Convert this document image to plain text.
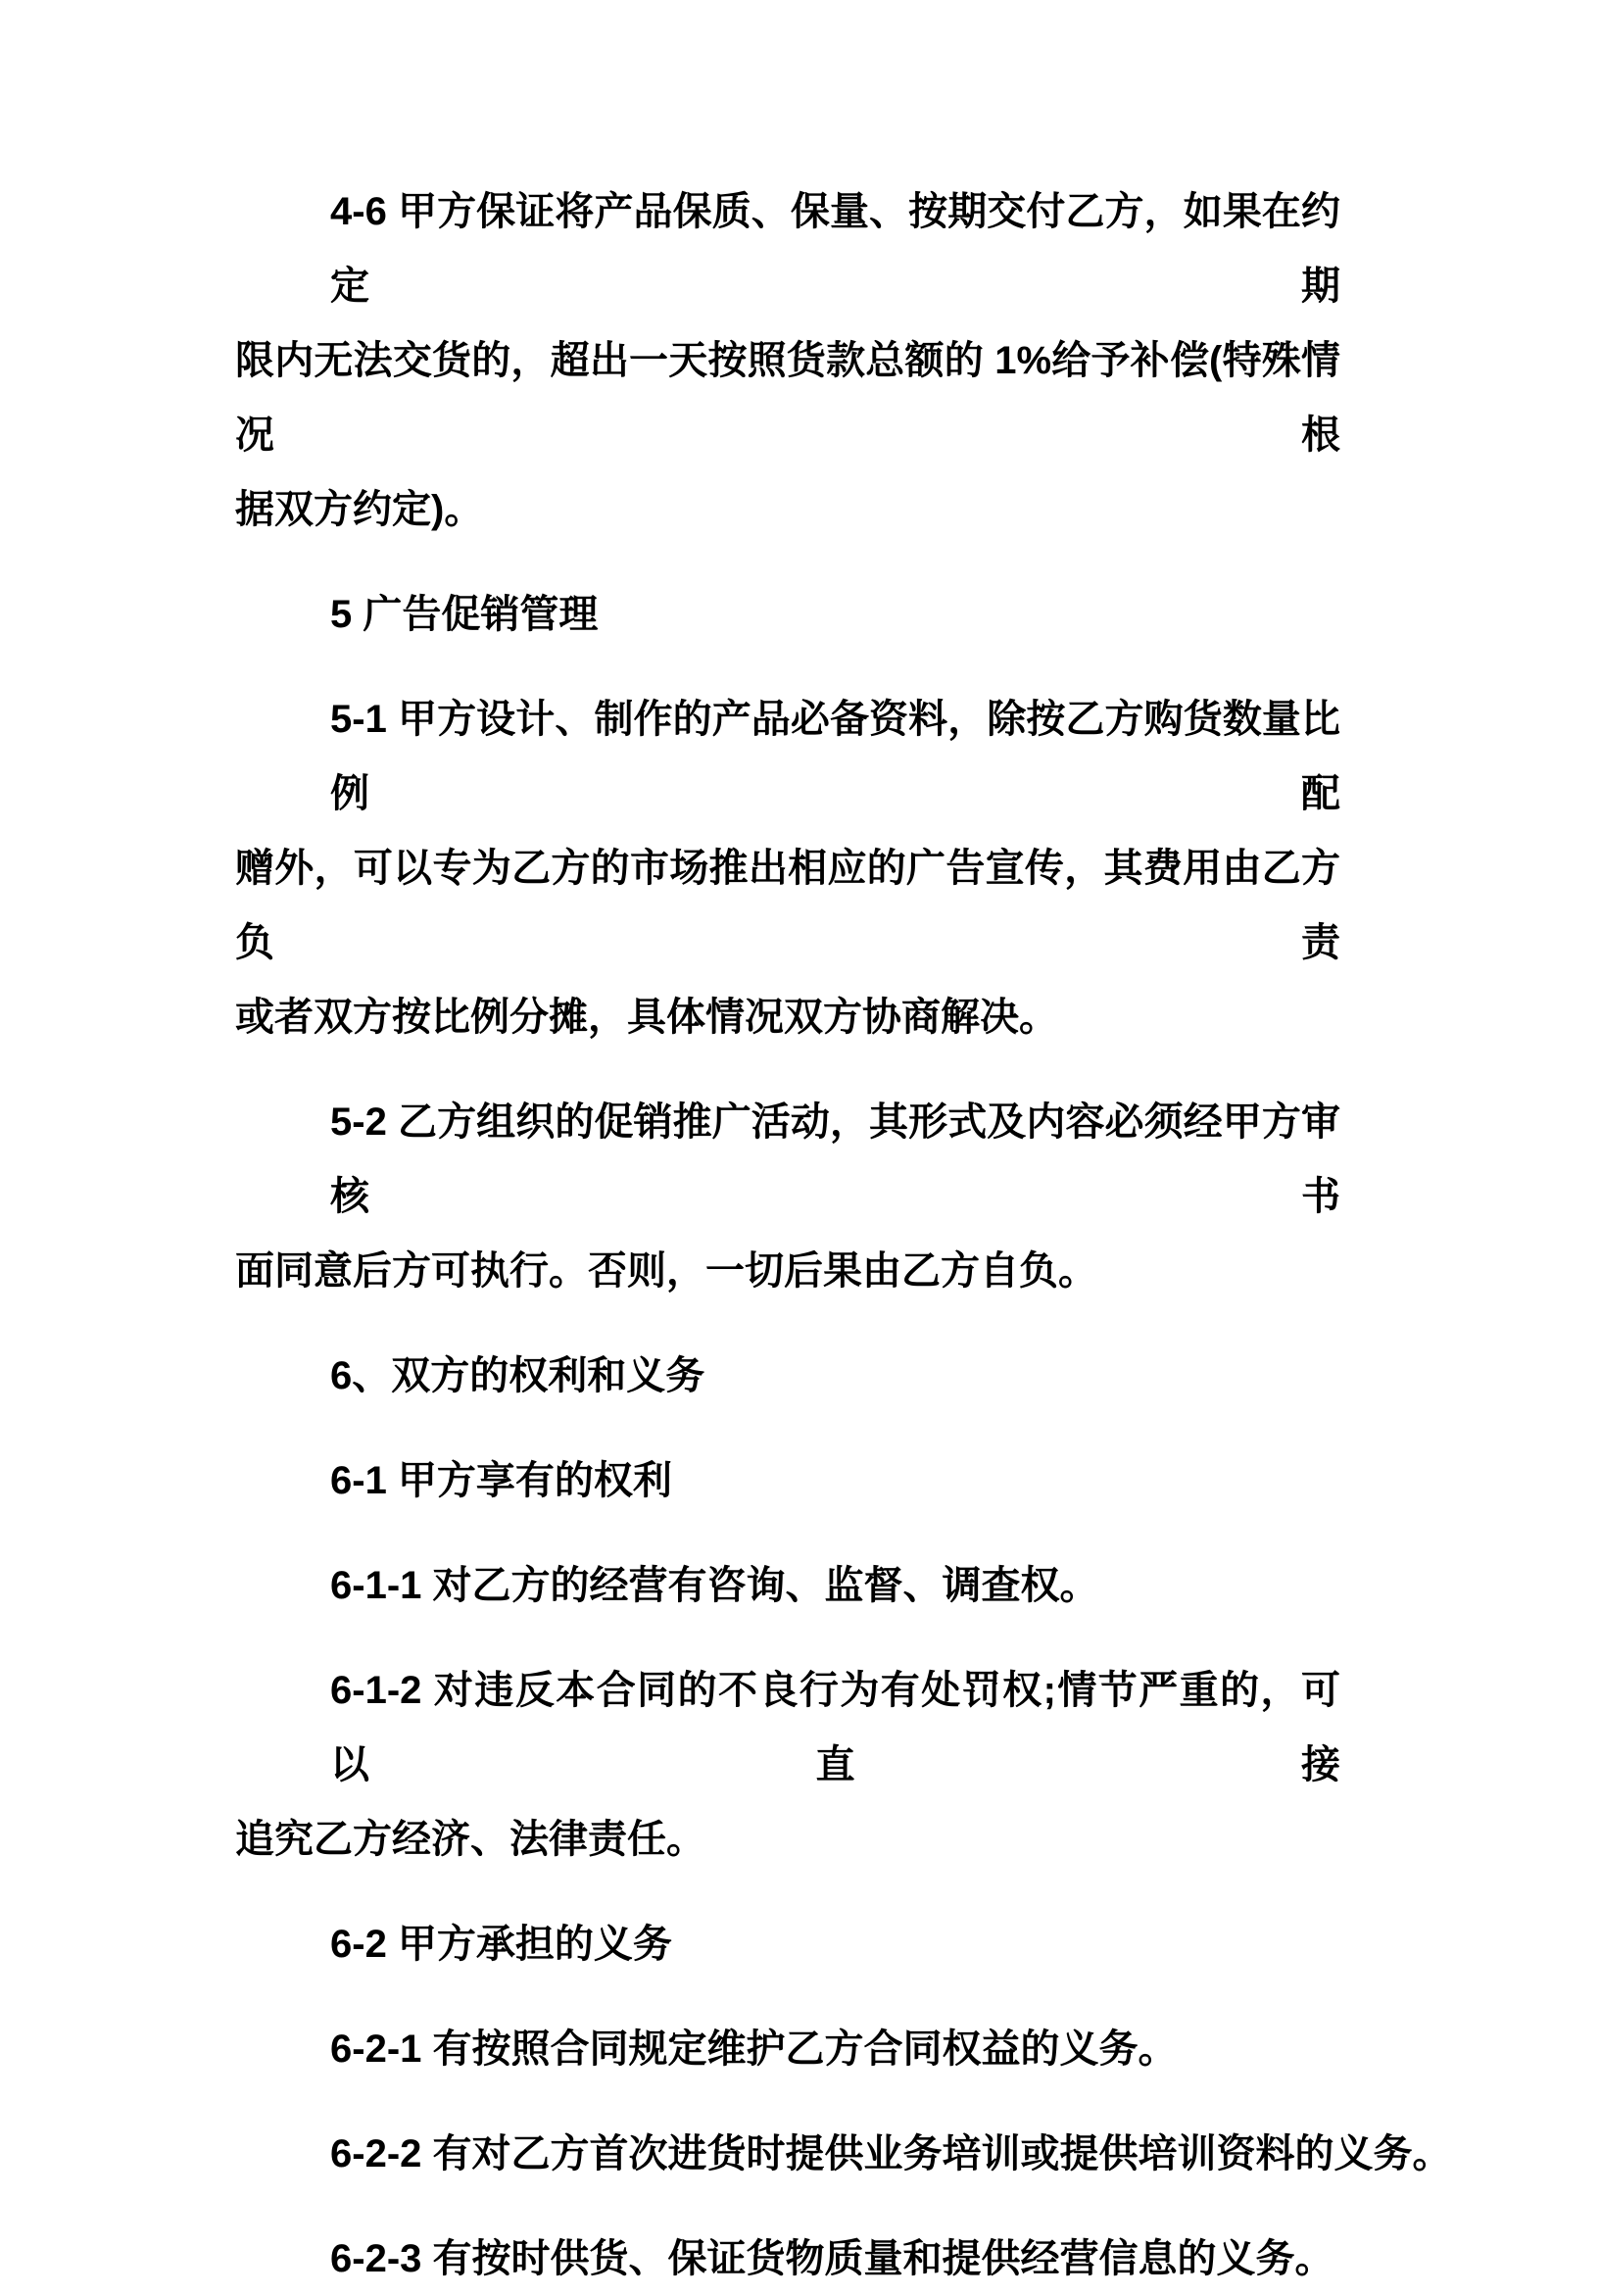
4-6 甲方保证将产品保质、保量、按期交付乙方，如果在约定期
限内无法交货的，超出一天按照货款总额的 1%给予补偿(特殊情况根
据双方约定)。
5 广告促销管理
5-1 甲方设计、制作的产品必备资料，除按乙方购货数量比例配
赠外，可以专为乙方的市场推出相应的广告宣传，其费用由乙方负责
或者双方按比例分摊，具体情况双方协商解决。
5-2 乙方组织的促销推广活动，其形式及内容必须经甲方审核书
面同意后方可执行。否则，一切后果由乙方自负。
6、双方的权利和义务
6-1 甲方享有的权利
6-1-1 对乙方的经营有咨询、监督、调查权。
6-1-2 对违反本合同的不良行为有处罚权;情节严重的，可以直接
追究乙方经济、法律责任。
6-2 甲方承担的义务
6-2-1 有按照合同规定维护乙方合同权益的义务。
6-2-2 有对乙方首次进货时提供业务培训或提供培训资料的义务。
6-2-3 有按时供货、保证货物质量和提供经营信息的义务。
